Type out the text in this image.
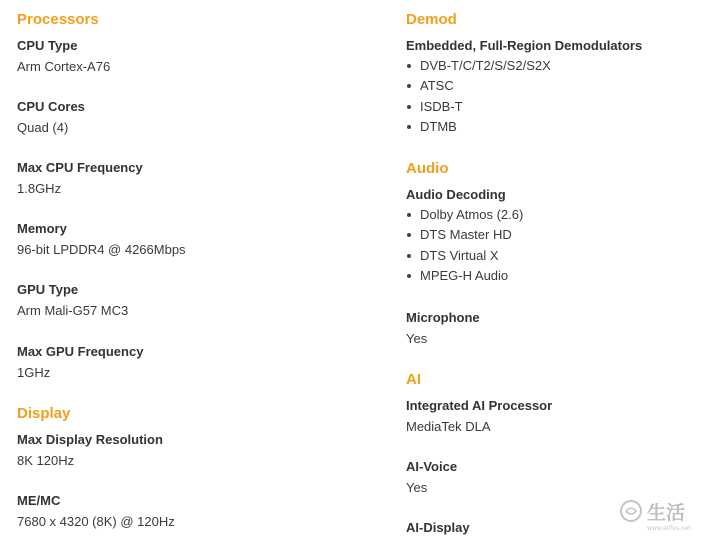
Processors
CPU Type
Arm Cortex-A76
CPU Cores
Quad (4)
Max CPU Frequency
1.8GHz
Memory
96-bit LPDDR4 @ 4266Mbps
GPU Type
Arm Mali-G57 MC3
Max GPU Frequency
1GHz
Display
Max Display Resolution
8K 120Hz
ME/MC
7680 x 4320 (8K) @ 120Hz
Demod
Embedded, Full-Region Demodulators
DVB-T/C/T2/S/S2/S2X
ATSC
ISDB-T
DTMB
Audio
Audio Decoding
Dolby Atmos (2.6)
DTS Master HD
DTS Virtual X
MPEG-H Audio
Microphone
Yes
AI
Integrated AI Processor
MediaTek DLA
AI-Voice
Yes
AI-Display
生活
www.elifes.net
